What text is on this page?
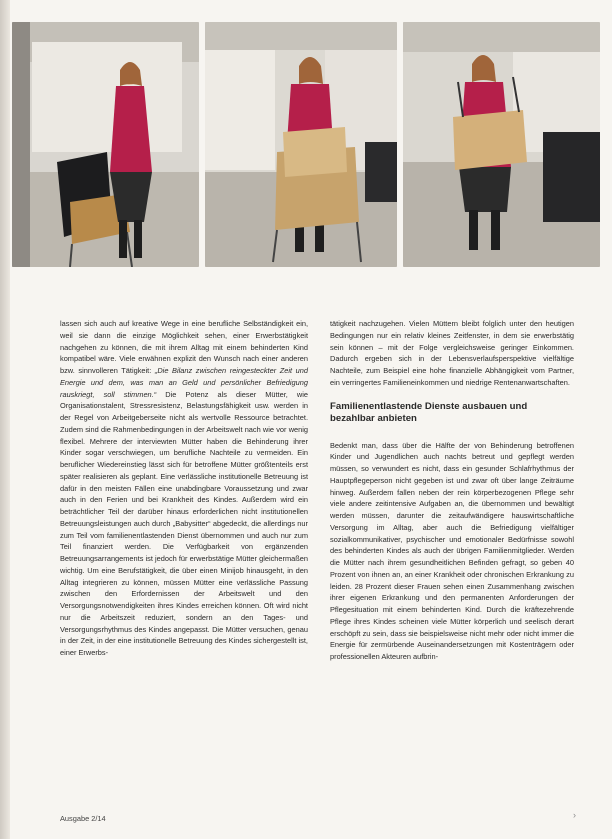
lassen sich auch auf kreative Wege in eine berufliche Selbständigkeit ein, weil sie dann die einzige Möglichkeit sehen, einer Erwerbstätigkeit nachgehen zu können, die mit ihrem Alltag mit einem behinderten Kind kompatibel wäre. Viele erwähnen explizit den Wunsch nach einer anderen bzw. sinnvolleren Tätigkeit: „Die Bilanz zwischen reingesteckter Zeit und Energie und dem, was man an Geld und persönlicher Befriedigung rauskriegt, soll stimmen.“ Die Potenz als dieser Mütter, wie Organisationstalent, Stressresistenz, Belastungsfähigkeit usw. werden in der Regel von Arbeitgeberseite nicht als wertvolle Ressource betrachtet. Zudem sind die Rahmenbedingungen in der Arbeitswelt nach wie vor wenig flexibel. Mehrere der interviewten Mütter haben die Behinderung ihrer Kinder sogar verschwiegen, um berufliche Nachteile zu vermeiden. Ein beruflicher Wiedereinstieg lässt sich für betroffene Mütter größtenteils erst später realisieren als geplant. Eine verlässliche institutionelle Betreuung ist dafür in den meisten Fällen eine unabdingbare Voraussetzung und zwar auch in den Ferien und bei Krankheit des Kindes. Außerdem wird ein beträchtlicher Teil der darüber hinaus erforderlichen nicht institutionellen Betreuungsleistungen auch durch „Babysitter“ abgedeckt, die allerdings nur zum Teil vom familienentlastenden Dienst übernommen und auch nur zum Teil finanziert werden. Die Verfügbarkeit von ergänzenden Betreuungsarrangements ist jedoch für erwerbstätige Mütter gleichermaßen wichtig. Um eine Berufstätigkeit, die über einen Minijob hinausgeht, in den Alltag integrieren zu können, müssen Mütter eine verlässliche Passung zwischen den Erfordernissen der Arbeitswelt und den Versorgungsnotwendigkeiten ihres Kindes erreichen können. Oft wird nicht nur die Arbeitszeit reduziert, sondern an den Tages- und Versorgungsrhythmus des Kindes angepasst. Die Mütter versuchen, genau in der Zeit, in der eine institutionelle Betreuung des Kindes sichergestellt ist, einer Erwerbs-

tätigkeit nachzugehen. Vielen Müttern bleibt folglich unter den heutigen Bedingungen nur ein relativ kleines Zeitfenster, in dem sie erwerbstätig sein können – mit der Folge vergleichsweise geringer Einkommen. Dadurch ergeben sich in der Lebensverlaufsperspektive vielfältige Nachteile, zum Beispiel eine hohe finanzielle Abhängigkeit vom Partner, ein verringertes Familieneinkommen und niedrige Rentenanwartschaften.

Familienentlastende Dienste ausbauen und bezahlbar anbieten

Bedenkt man, dass über die Hälfte der von Behinderung betroffenen Kinder und Jugendlichen auch nachts betreut und gepflegt werden müssen, so verwundert es nicht, dass ein gesunder Schlafrhythmus der Hauptpflegeperson nicht gegeben ist und zwar oft über lange Zeiträume hinweg. Außerdem fallen neben der rein körperbezogenen Pflege sehr viele andere zeitintensive Aufgaben an, die übernommen und bewältigt werden müssen, darunter die zeitaufwändigere hauswirtschaftliche Versorgung im Alltag, aber auch die Befriedigung vielfältiger sozialkommunikativer, psychischer und emotionaler Bedürfnisse sowohl des behinderten Kindes als auch der übrigen Familienmitglieder. Werden die Mütter nach ihrem gesundheitlichen Befinden gefragt, so geben 40 Prozent von ihnen an, an einer Krankheit oder chronischen Erkrankung zu leiden. 28 Prozent dieser Frauen sehen einen Zusammenhang zwischen ihrer eigenen Erkrankung und den permanenten Anforderungen der Pflegesituation mit einem behinderten Kind. Durch die kräftezehrende Pflege ihres Kindes scheinen viele Mütter körperlich und seelisch derart erschöpft zu sein, dass sie beispielsweise nicht mehr oder nicht immer die Energie für zermürbende Auseinandersetzungen mit Kostenträgern oder professionellen Akteuren aufbrin-

Ausgabe 2/14	›
